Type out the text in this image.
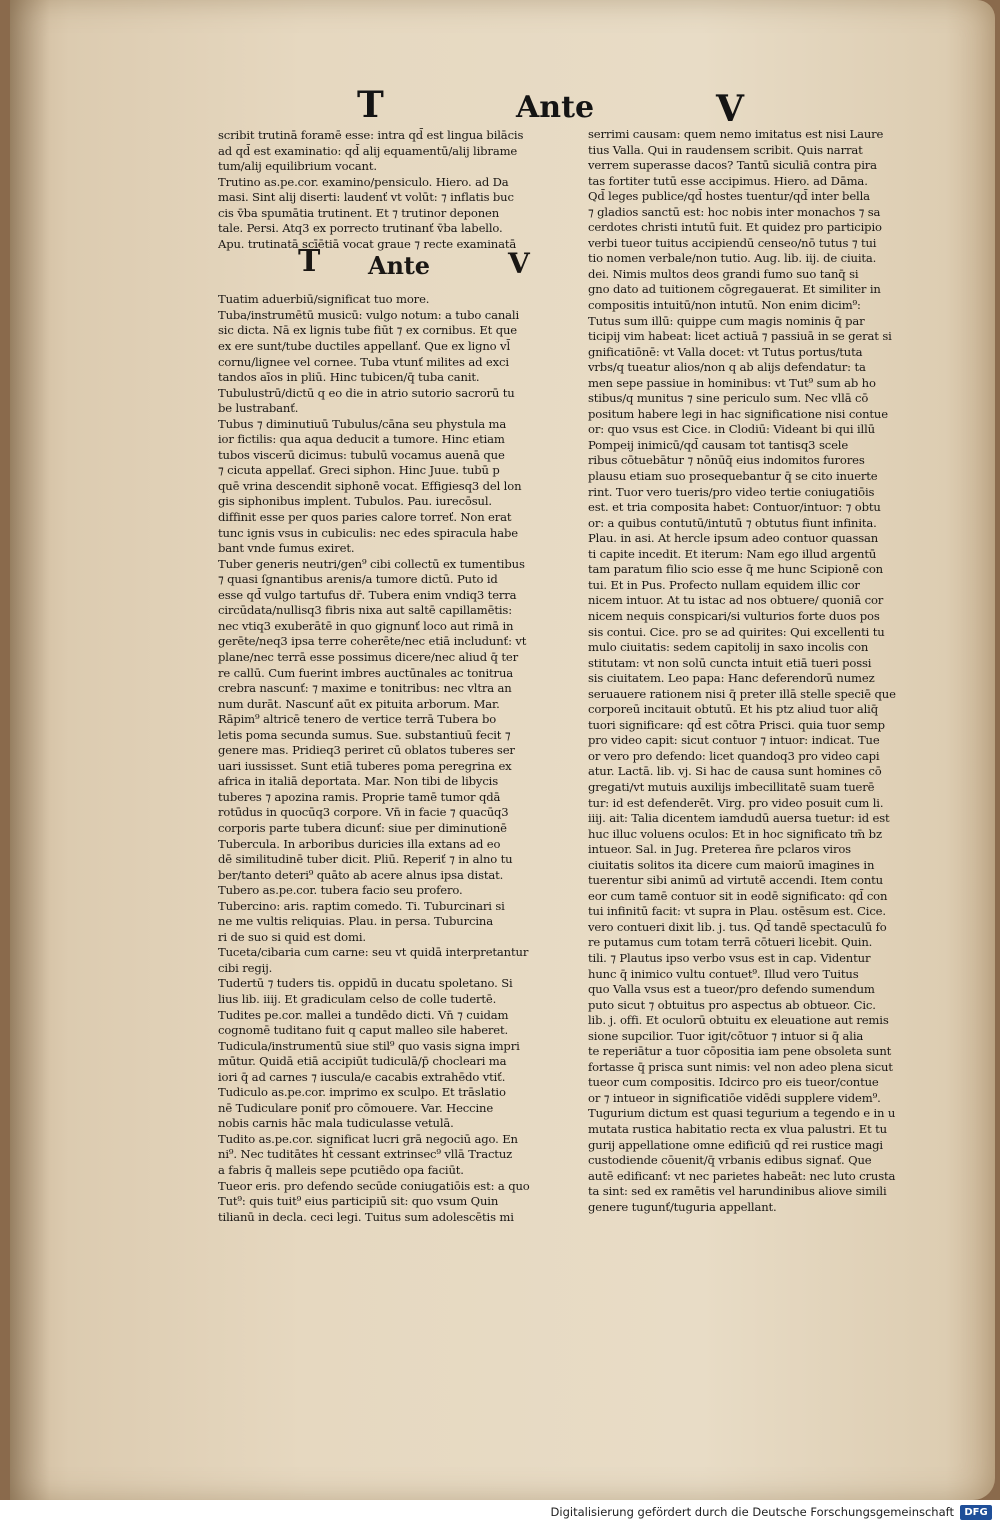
T	Ante	V
scribit trutinā foramē esse: intra qd̄ est lingua bilācis
ad qd̄ est examinatio: qd̄ alij equamentū/alij librame
tum/alij equilibrium vocant.
Trutino as.pe.cor. examino/pensiculo. Hiero. ad Da
masi. Sint alij diserti: laudenť vt volūt: ⁊ inflatis buc
cis v̄ba spumātia trutinent. Et ⁊ trutinor deponen
tale. Persi. Atq3 ex porrecto trutinanť v̄ba labello.
Apu. trutinatā scīētiā vocat graue ⁊ recte examinatā
T Ante	V
Tuatim aduerbiū/significat tuo more.
Tuba/instrumētū musicū: vulgo notum: a tubo canali
sic dicta. Nā ex lignis tube fiūt ⁊ ex cornibus. Et que
ex ere sunt/tube ductiles appellanť. Que ex ligno vl̄
cornu/lignee vel cornee. Tuba vtunť milites ad exci
tandos aīos in pliū. Hinc tubicen/q̄ tuba canit.
Tubulustrū/dictū q eo die in atrio sutorio sacrorū tu
be lustrabanť.
Tubus ⁊ diminutiuū Tubulus/cāna seu phystula ma
ior fictilis: qua aqua deducit a tumore. Hinc etiam
tubos viscerū dicimus: tubulū vocamus auenā que
⁊ cicuta appellať. Greci siphon. Hinc Juue. tubū p
quē vrina descendit siphonē vocat. Effigiesq3 del lon
gis siphonibus implent. Tubulos. Pau. iurecōsul.
diffinit esse per quos paries calore torreť. Non erat
tunc ignis vsus in cubiculis: nec edes spiracula habe
bant vnde fumus exiret.
Tuber generis neutri/gen⁹ cibi collectū ex tumentibus
⁊ quasi ſgnantibus arenis/a tumore dictū. Puto id
esse qd̄ vulgo tartufus dr̄. Tubera enim vndiq3 terra
circūdata/nullisq3 fibris nixa aut saltē capillamētis:
nec vtiq3 exuberātē in quo gignunť loco aut rimā in
gerēte/neq3 ipsa terre coherēte/nec etiā includunť: vt
plane/nec terrā esse possimus dicere/nec aliud q̄ ter
re callū. Cum fuerint imbres auctūnales ac tonitrua
crebra nascunť: ⁊ maxime e tonitribus: nec vltra an
num durāt. Nascunť aūt ex pituita arborum. Mar.
Rāpim⁹ altricē tenero de vertice terrā Tubera bo
letis poma secunda sumus. Sue. substantiuū fecit ⁊
genere mas. Pridieq3 periret cū oblatos tuberes ser
uari iussisset. Sunt etiā tuberes poma peregrina ex
africa in italiā deportata. Mar. Non tibi de libycis
tuberes ⁊ apozina ramis. Proprie tamē tumor qdā
rotūdus in quocūq3 corpore. Vn̄ in facie ⁊ quacūq3
corporis parte tubera dicunť: siue per diminutionē
Tubercula. In arboribus duricies illa extans ad eo
dē similitudinē tuber dicit. Pliū. Reperiť ⁊ in alno tu
ber/tanto deteri⁹ quāto ab acere alnus ipsa distat.
Tubero as.pe.cor. tubera facio seu profero.
Tubercino: aris. raptim comedo. Ti. Tuburcinari si
ne me vultis reliquias. Plau. in persa. Tuburcina
ri de suo si quid est domi.
Tuceta/cibaria cum carne: seu vt quidā interpretantur
cibi regij.
Tudertū ⁊ tuders tis. oppidū in ducatu spoletano. Si
lius lib. iiij. Et gradiculam celso de colle tudertē.
Tudites pe.cor. mallei a tundēdo dicti. Vn̄ ⁊ cuidam
cognomē tuditano fuit q caput malleo sile haberet.
Tudicula/instrumentū siue stil⁹ quo vasis signa impri
mūtur. Quidā etiā accipiūt tudiculā/p̄ chocleari ma
iori q̄ ad carnes ⁊ iuscula/e cacabis extrahēdo vtiť.
Tudiculo as.pe.cor. imprimo ex sculpo. Et trāslatio
nē Tudiculare poniť pro cōmouere. Var. Heccine
nobis carnis hāc mala tudiculasse vetulā.
Tudito as.pe.cor. significat lucri grā negociū ago. En
ni⁹. Nec tuditātes ht̄ cessant extrinsec⁹ vllā Tractuz
a fabris q̄ malleis sepe pcutiēdo opa faciūt.
Tueor eris. pro defendo secūde coniugatiōis est: a quo
Tut⁹: quis tuit⁹ eius participiū sit: quo vsum Quin
tilianū in decla. ceci legi. Tuitus sum adolescētis mi
serrimi causam: quem nemo imitatus est nisi Laure
tius Valla. Qui in raudensem scribit. Quis narrat
verrem superasse dacos? Tantū siculiā contra pira
tas fortiter tutū esse accipimus. Hiero. ad Dāma.
Qd̄ leges publice/qd̄ hostes tuentur/qd̄ inter bella
⁊ gladios sanctū est: hoc nobis inter monachos ⁊ sa
cerdotes christi intutū fuit. Et quidez pro participio
verbi tueor tuitus accipiendū censeo/nō tutus ⁊ tui
tio nomen verbale/non tutio. Aug. lib. iij. de ciuita.
dei. Nimis multos deos grandi fumo suo tanq̄ si
gno dato ad tuitionem cōgregauerat. Et similiter in
compositis intuitū/non intutū. Non enim dicim⁹:
Tutus sum illū: quippe cum magis nominis q̄ par
ticipij vim habeat: licet actiuā ⁊ passiuā in se gerat si
gnificatiōnē: vt Valla docet: vt Tutus portus/tuta
vrbs/q tueatur alios/non q ab alijs defendatur: ta
men sepe passiue in hominibus: vt Tut⁹ sum ab ho
stibus/q munitus ⁊ sine periculo sum. Nec vllā cō
positum habere legi in hac significatione nisi contue
or: quo vsus est Cice. in Clodiū: Videant bi qui illū
Pompeij inimicū/qd̄ causam tot tantisq3 scele
ribus cōtuebātur ⁊ nōnūq̄ eius indomitos furores
plausu etiam suo prosequebantur q̄ se cito inuerte
rint. Tuor vero tueris/pro video tertie coniugatiōis
est. et tria composita habet: Contuor/intuor: ⁊ obtu
or: a quibus contutū/intutū ⁊ obtutus fiunt infinita.
Plau. in asi. At hercle ipsum adeo contuor quassan
ti capite incedit. Et iterum: Nam ego illud argentū
tam paratum filio scio esse q̄ me hunc Scipionē con
tui. Et in Pus. Profecto nullam equidem illic cor
nicem intuor. At tu istac ad nos obtuere/ quoniā cor
nicem nequis conspicari/si vulturios forte duos pos
sis contui. Cice. pro se ad quirites: Qui excellenti tu
mulo ciuitatis: sedem capitolij in saxo incolis con
stitutam: vt non solū cuncta intuit etiā tueri possi
sis ciuitatem. Leo papa: Hanc deferendorū numez
seruauere rationem nisi q̄ preter illā stelle speciē que
corporeū incitauit obtutū. Et his ptz aliud tuor aliq̄
tuori significare: qd̄ est cōtra Prisci. quia tuor semp
pro video capit: sicut contuor ⁊ intuor: indicat. Tue
or vero pro defendo: licet quandoq3 pro video capi
atur. Lactā. lib. vj. Si hac de causa sunt homines cō
gregati/vt mutuis auxilijs imbecillitatē suam tuerē
tur: id est defenderēt. Virg. pro video posuit cum li.
iiij. ait: Talia dicentem iamdudū auersa tuetur: id est
huc illuc voluens oculos: Et in hoc significato tm̄ bz
intueor. Sal. in Jug. Preterea n̄re pclaros viros
ciuitatis solitos ita dicere cum maiorū imagines in
tuerentur sibi animū ad virtutē accendi. Item contu
eor cum tamē contuor sit in eodē significato: qd̄ con
tui infinitū facit: vt supra in Plau. ostēsum est. Cice.
vero contueri dixit lib. j. tus. Qd̄ tandē spectaculū fo
re putamus cum totam terrā cōtueri licebit. Quin.
tili. ⁊ Plautus ipso verbo vsus est in cap. Videntur
hunc q̄ inimico vultu contuet⁹. Illud vero Tuitus
quo Valla vsus est a tueor/pro defendo sumendum
puto sicut ⁊ obtuitus pro aspectus ab obtueor. Cic.
lib. j. offi. Et oculorū obtuitu ex eleuatione aut remis
sione supcilior. Tuor igit/cōtuor ⁊ intuor si q̄ alia
te reperiātur a tuor cōpositia iam pene obsoleta sunt
fortasse q̄ prisca sunt nimis: vel non adeo plena sicut
tueor cum compositis. Idcirco pro eis tueor/contue
or ⁊ intueor in significatiōe vidēdi supplere videm⁹.
Tugurium dictum est quasi tegurium a tegendo e in u
mutata rustica habitatio recta ex vlua palustri. Et tu
gurij appellatione omne edificiū qd̄ rei rustice magi
custodiende cōuenit/q̄ vrbanis edibus signať. Que
autē edificanť: vt nec parietes habeāt: nec luto crusta
ta sint: sed ex ramētis vel harundinibus aliove simili
genere tugunť/tuguria appellant.
Digitalisierung gefördert durch die Deutsche Forschungsgemeinschaft	DFG
